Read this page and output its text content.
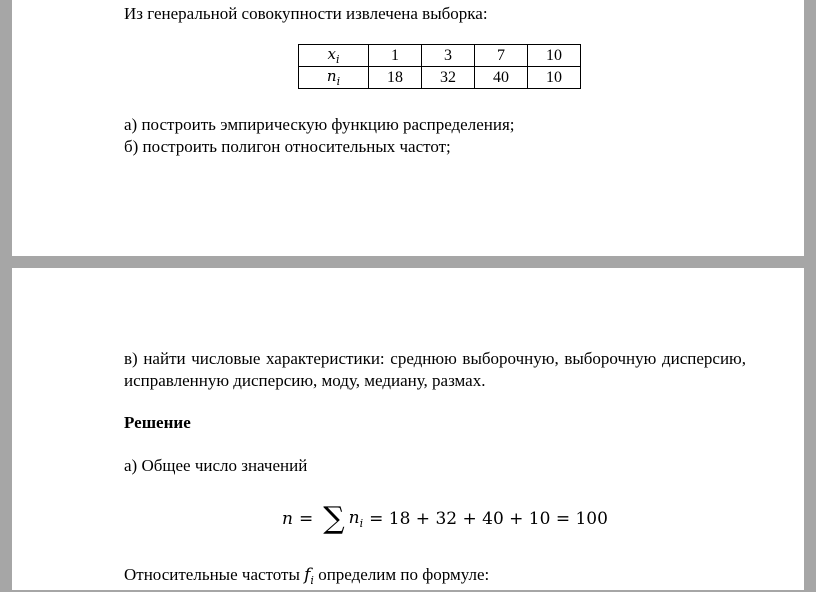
Из генеральной совокупности извлечена выборка:
$x_i$	1	3	7	10
$n_i$	18	32	40	10
а) построить эмпирическую функцию распределения;
б) построить полигон относительных частот;
в) найти числовые характеристики: среднюю выборочную, выборочную дисперсию, исправленную дисперсию, моду, медиану, размах.
Решение
а) Общее число значений
n = ∑ $n_i = 18 + 32 + 40 + 10 = 100$
Относительные частоты $f_i$ определим по формуле:
